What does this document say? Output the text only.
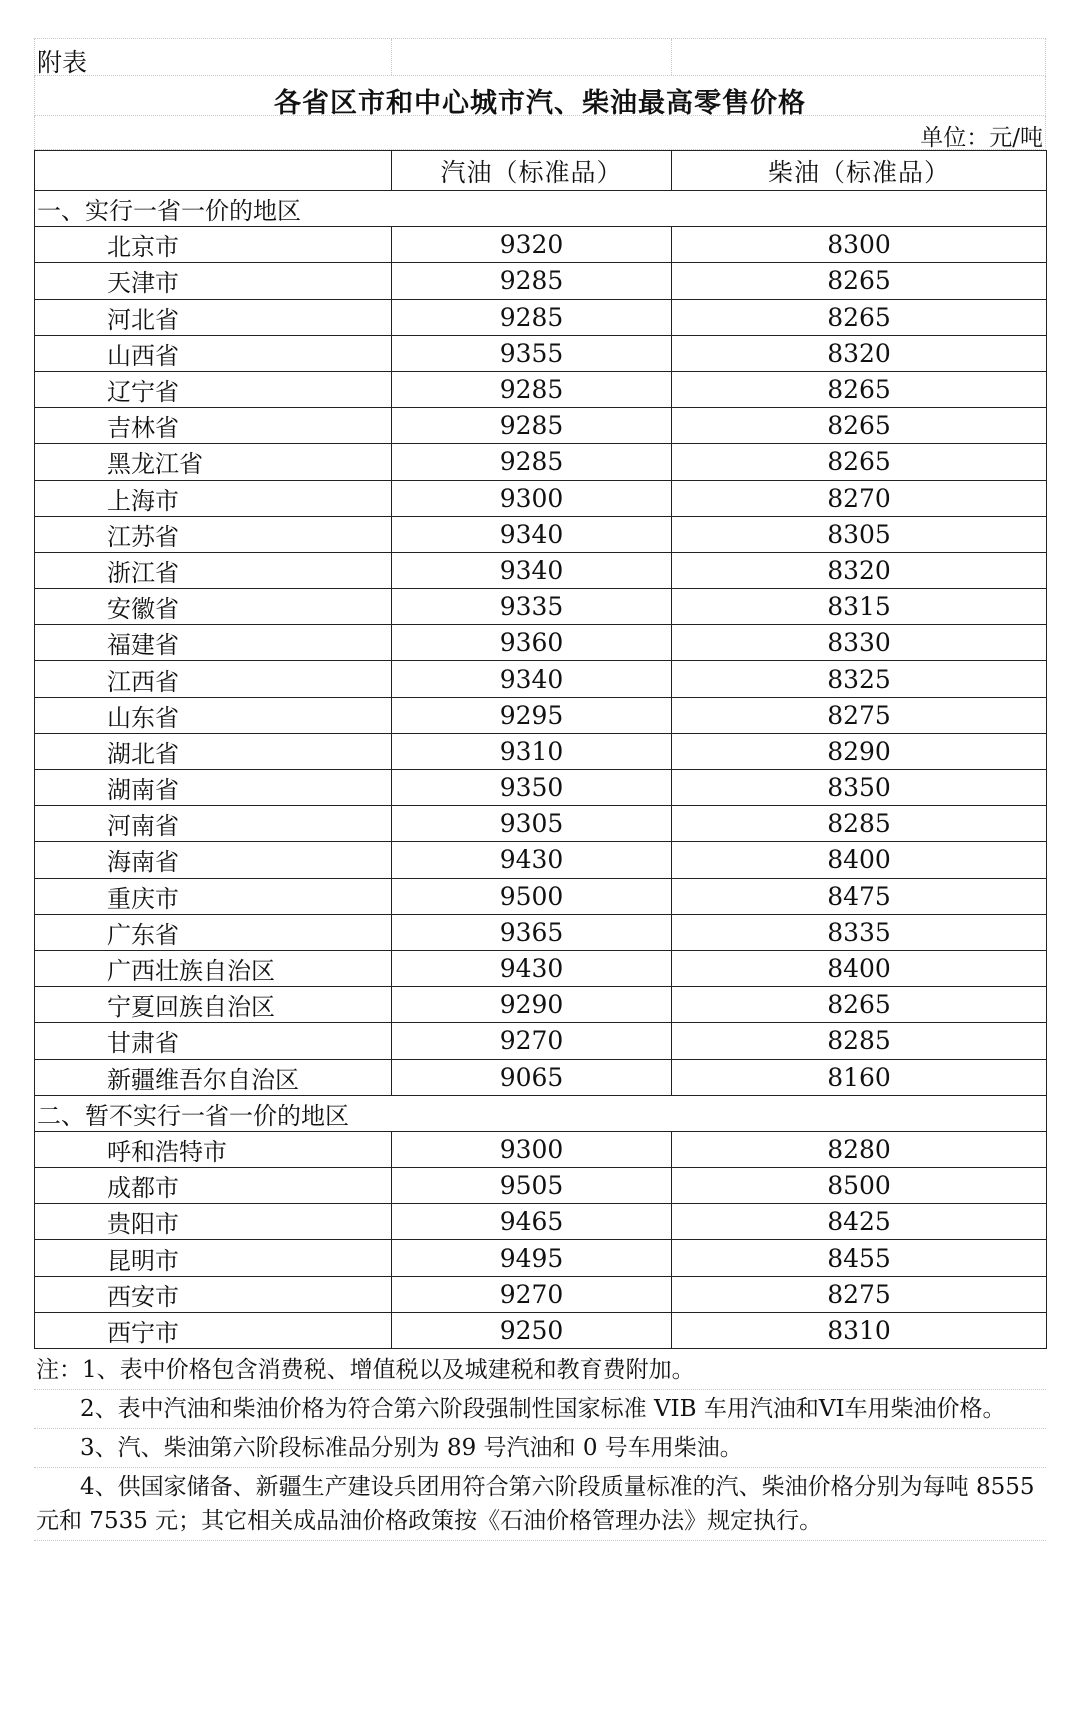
附表
各省区市和中心城市汽、柴油最高零售价格
单位：元/吨
	汽油（标准品）	柴油（标准品）
一、实行一省一价的地区		
北京市	9320	8300
天津市	9285	8265
河北省	9285	8265
山西省	9355	8320
辽宁省	9285	8265
吉林省	9285	8265
黑龙江省	9285	8265
上海市	9300	8270
江苏省	9340	8305
浙江省	9340	8320
安徽省	9335	8315
福建省	9360	8330
江西省	9340	8325
山东省	9295	8275
湖北省	9310	8290
湖南省	9350	8350
河南省	9305	8285
海南省	9430	8400
重庆市	9500	8475
广东省	9365	8335
广西壮族自治区	9430	8400
宁夏回族自治区	9290	8265
甘肃省	9270	8285
新疆维吾尔自治区	9065	8160
二、暂不实行一省一价的地区		
呼和浩特市	9300	8280
成都市	9505	8500
贵阳市	9465	8425
昆明市	9495	8455
西安市	9270	8275
西宁市	9250	8310
注：1、表中价格包含消费税、增值税以及城建税和教育费附加。
2、表中汽油和柴油价格为符合第六阶段强制性国家标准 VIB 车用汽油和VI车用柴油价格。
3、汽、柴油第六阶段标准品分别为 89 号汽油和 0 号车用柴油。
4、供国家储备、新疆生产建设兵团用符合第六阶段质量标准的汽、柴油价格分别为每吨 8555 元和 7535 元；其它相关成品油价格政策按《石油价格管理办法》规定执行。
